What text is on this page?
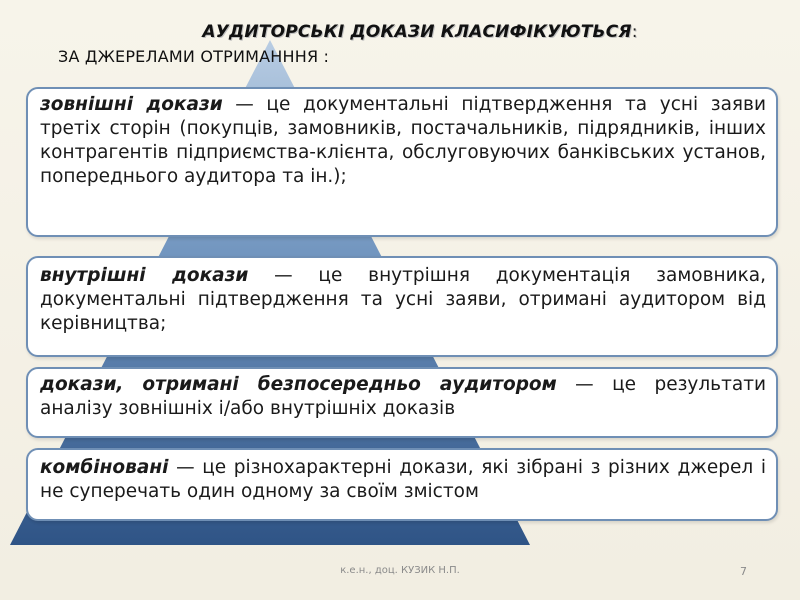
АУДИТОРСЬКІ ДОКАЗИ КЛАСИФІКУЮТЬСЯ:
ЗА ДЖЕРЕЛАМИ ОТРИМАНННЯ :
зовнішні докази — це документальні підтвердження та усні заяви третіх сторін (покупців, замовників, постачальників, підрядників, інших контрагентів підприємства-клієнта, обслуговуючих банківських установ, попереднього аудитора та ін.);
внутрішні докази — це внутрішня документація замовника, документальні підтвердження та усні заяви, отримані аудитором від керівництва;
докази, отримані безпосередньо аудитором — це результати аналізу зовнішніх і/або внутрішніх доказів
комбіновані — це різнохарактерні докази, які зібрані з різних джерел і не суперечать один одному за своїм змістом
к.е.н., доц. КУЗИК Н.П.	7
